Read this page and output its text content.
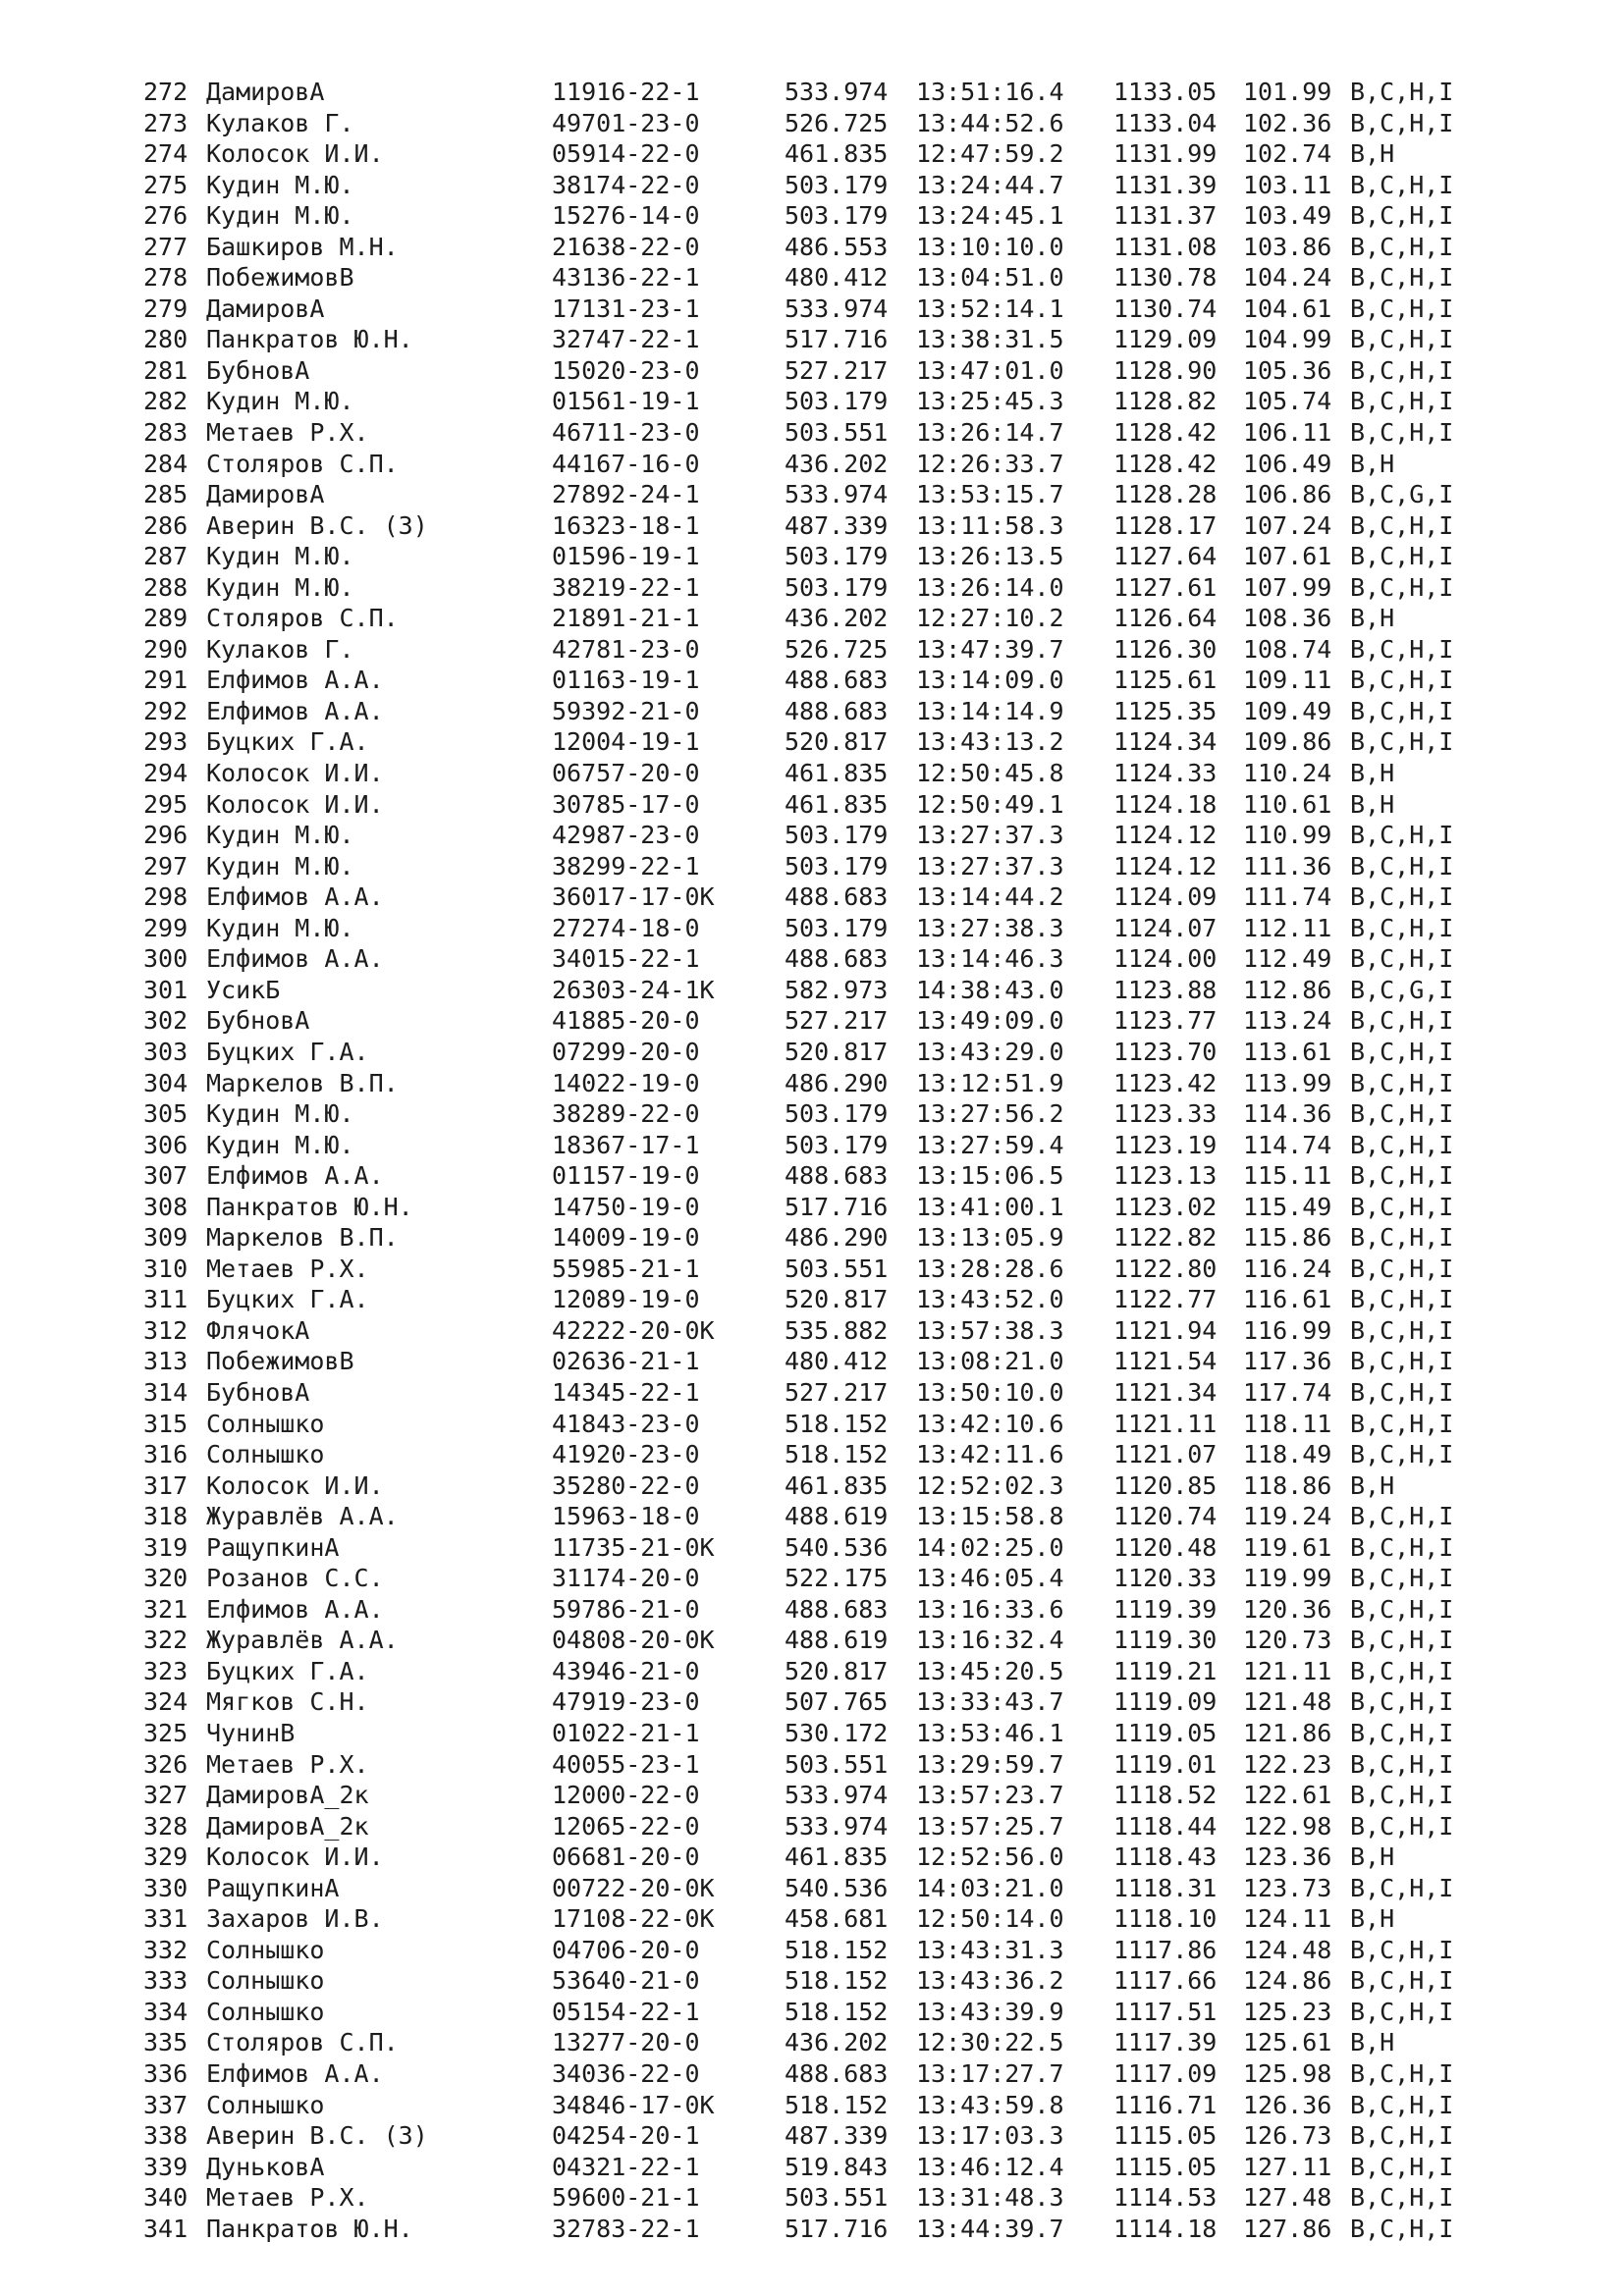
272 ДамировА	11916-22-1	533.974 13:51:16.4 1133.05 101.99 B,C,H,I
273 Кулаков Г.	49701-23-0	526.725 13:44:52.6 1133.04 102.36 B,C,H,I
274 Колосок И.И.	05914-22-0	461.835 12:47:59.2 1131.99 102.74 B,H
275 Кудин М.Ю.	38174-22-0	503.179 13:24:44.7 1131.39 103.11 B,C,H,I
276 Кудин М.Ю.	15276-14-0	503.179 13:24:45.1 1131.37 103.49 B,C,H,I
277 Башкиров М.Н.	21638-22-0	486.553 13:10:10.0 1131.08 103.86 B,C,H,I
278 ПобежимовВ	43136-22-1	480.412 13:04:51.0 1130.78 104.24 B,C,H,I
279 ДамировА	17131-23-1	533.974 13:52:14.1 1130.74 104.61 B,C,H,I
280 Панкратов Ю.Н.	32747-22-1	517.716 13:38:31.5 1129.09 104.99 B,C,H,I
281 БубновА	15020-23-0	527.217 13:47:01.0 1128.90 105.36 B,C,H,I
282 Кудин М.Ю.	01561-19-1	503.179 13:25:45.3 1128.82 105.74 B,C,H,I
283 Метаев Р.Х.	46711-23-0	503.551 13:26:14.7 1128.42 106.11 B,C,H,I
284 Столяров С.П.	44167-16-0	436.202 12:26:33.7 1128.42 106.49 B,H
285 ДамировА	27892-24-1	533.974 13:53:15.7 1128.28 106.86 B,C,G,I
286 Аверин В.С. (З)	16323-18-1	487.339 13:11:58.3 1128.17 107.24 B,C,H,I
287 Кудин М.Ю.	01596-19-1	503.179 13:26:13.5 1127.64 107.61 B,C,H,I
288 Кудин М.Ю.	38219-22-1	503.179 13:26:14.0 1127.61 107.99 B,C,H,I
289 Столяров С.П.	21891-21-1	436.202 12:27:10.2 1126.64 108.36 B,H
290 Кулаков Г.	42781-23-0	526.725 13:47:39.7 1126.30 108.74 B,C,H,I
291 Елфимов А.А.	01163-19-1	488.683 13:14:09.0 1125.61 109.11 B,C,H,I
292 Елфимов А.А.	59392-21-0	488.683 13:14:14.9 1125.35 109.49 B,C,H,I
293 Буцких Г.А.	12004-19-1	520.817 13:43:13.2 1124.34 109.86 B,C,H,I
294 Колосок И.И.	06757-20-0	461.835 12:50:45.8 1124.33 110.24 B,H
295 Колосок И.И.	30785-17-0	461.835 12:50:49.1 1124.18 110.61 B,H
296 Кудин М.Ю.	42987-23-0	503.179 13:27:37.3 1124.12 110.99 B,C,H,I
297 Кудин М.Ю.	38299-22-1	503.179 13:27:37.3 1124.12 111.36 B,C,H,I
298 Елфимов А.А.	36017-17-0К	488.683 13:14:44.2 1124.09 111.74 B,C,H,I
299 Кудин М.Ю.	27274-18-0	503.179 13:27:38.3 1124.07 112.11 B,C,H,I
300 Елфимов А.А.	34015-22-1	488.683 13:14:46.3 1124.00 112.49 B,C,H,I
301 УсикБ	26303-24-1К	582.973 14:38:43.0 1123.88 112.86 B,C,G,I
302 БубновА	41885-20-0	527.217 13:49:09.0 1123.77 113.24 B,C,H,I
303 Буцких Г.А.	07299-20-0	520.817 13:43:29.0 1123.70 113.61 B,C,H,I
304 Маркелов В.П.	14022-19-0	486.290 13:12:51.9 1123.42 113.99 B,C,H,I
305 Кудин М.Ю.	38289-22-0	503.179 13:27:56.2 1123.33 114.36 B,C,H,I
306 Кудин М.Ю.	18367-17-1	503.179 13:27:59.4 1123.19 114.74 B,C,H,I
307 Елфимов А.А.	01157-19-0	488.683 13:15:06.5 1123.13 115.11 B,C,H,I
308 Панкратов Ю.Н.	14750-19-0	517.716 13:41:00.1 1123.02 115.49 B,C,H,I
309 Маркелов В.П.	14009-19-0	486.290 13:13:05.9 1122.82 115.86 B,C,H,I
310 Метаев Р.Х.	55985-21-1	503.551 13:28:28.6 1122.80 116.24 B,C,H,I
311 Буцких Г.А.	12089-19-0	520.817 13:43:52.0 1122.77 116.61 B,C,H,I
312 ФлячокА	42222-20-0К	535.882 13:57:38.3 1121.94 116.99 B,C,H,I
313 ПобежимовВ	02636-21-1	480.412 13:08:21.0 1121.54 117.36 B,C,H,I
314 БубновА	14345-22-1	527.217 13:50:10.0 1121.34 117.74 B,C,H,I
315 Солнышко	41843-23-0	518.152 13:42:10.6 1121.11 118.11 B,C,H,I
316 Солнышко	41920-23-0	518.152 13:42:11.6 1121.07 118.49 B,C,H,I
317 Колосок И.И.	35280-22-0	461.835 12:52:02.3 1120.85 118.86 B,H
318 Журавлёв А.А.	15963-18-0	488.619 13:15:58.8 1120.74 119.24 B,C,H,I
319 РащупкинА	11735-21-0К	540.536 14:02:25.0 1120.48 119.61 B,C,H,I
320 Розанов С.С.	31174-20-0	522.175 13:46:05.4 1120.33 119.99 B,C,H,I
321 Елфимов А.А.	59786-21-0	488.683 13:16:33.6 1119.39 120.36 B,C,H,I
322 Журавлёв А.А.	04808-20-0К	488.619 13:16:32.4 1119.30 120.73 B,C,H,I
323 Буцких Г.А.	43946-21-0	520.817 13:45:20.5 1119.21 121.11 B,C,H,I
324 Мягков С.Н.	47919-23-0	507.765 13:33:43.7 1119.09 121.48 B,C,H,I
325 ЧунинВ	01022-21-1	530.172 13:53:46.1 1119.05 121.86 B,C,H,I
326 Метаев Р.Х.	40055-23-1	503.551 13:29:59.7 1119.01 122.23 B,C,H,I
327 ДамировА_2к	12000-22-0	533.974 13:57:23.7 1118.52 122.61 B,C,H,I
328 ДамировА_2к	12065-22-0	533.974 13:57:25.7 1118.44 122.98 B,C,H,I
329 Колосок И.И.	06681-20-0	461.835 12:52:56.0 1118.43 123.36 B,H
330 РащупкинА	00722-20-0К	540.536 14:03:21.0 1118.31 123.73 B,C,H,I
331 Захаров И.В.	17108-22-0К	458.681 12:50:14.0 1118.10 124.11 B,H
332 Солнышко	04706-20-0	518.152 13:43:31.3 1117.86 124.48 B,C,H,I
333 Солнышко	53640-21-0	518.152 13:43:36.2 1117.66 124.86 B,C,H,I
334 Солнышко	05154-22-1	518.152 13:43:39.9 1117.51 125.23 B,C,H,I
335 Столяров С.П.	13277-20-0	436.202 12:30:22.5 1117.39 125.61 B,H
336 Елфимов А.А.	34036-22-0	488.683 13:17:27.7 1117.09 125.98 B,C,H,I
337 Солнышко	34846-17-0К	518.152 13:43:59.8 1116.71 126.36 B,C,H,I
338 Аверин В.С. (З)	04254-20-1	487.339 13:17:03.3 1115.05 126.73 B,C,H,I
339 ДуньковА	04321-22-1	519.843 13:46:12.4 1115.05 127.11 B,C,H,I
340 Метаев Р.Х.	59600-21-1	503.551 13:31:48.3 1114.53 127.48 B,C,H,I
341 Панкратов Ю.Н.	32783-22-1	517.716 13:44:39.7 1114.18 127.86 B,C,H,I
